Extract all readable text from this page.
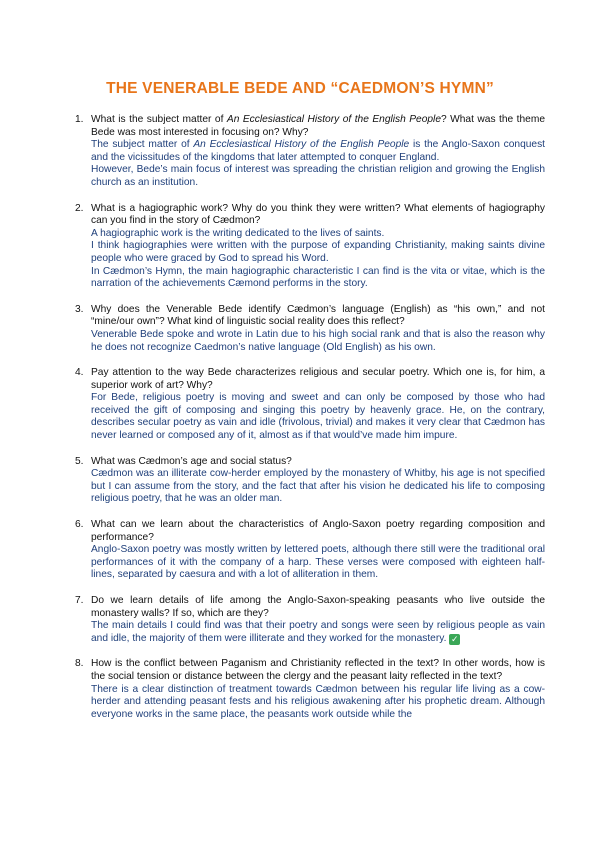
THE VENERABLE BEDE AND “CAEDMON’S HYMN”
1. What is the subject matter of An Ecclesiastical History of the English People? What was the theme Bede was most interested in focusing on? Why?
The subject matter of An Ecclesiastical History of the English People is the Anglo-Saxon conquest and the vicissitudes of the kingdoms that later attempted to conquer England.
However, Bede’s main focus of interest was spreading the christian religion and growing the English church as an institution.
2. What is a hagiographic work? Why do you think they were written? What elements of hagiography can you find in the story of Cædmon?
A hagiographic work is the writing dedicated to the lives of saints.
I think hagiographies were written with the purpose of expanding Christianity, making saints divine people who were graced by God to spread his Word.
In Cædmon’s Hymn, the main hagiographic characteristic I can find is the vita or vitae, which is the narration of the achievements Cæmond performs in the story.
3. Why does the Venerable Bede identify Cædmon’s language (English) as “his own,” and not “mine/our own”? What kind of linguistic social reality does this reflect?
Venerable Bede spoke and wrote in Latin due to his high social rank and that is also the reason why he does not recognize Caedmon’s native language (Old English) as his own.
4. Pay attention to the way Bede characterizes religious and secular poetry. Which one is, for him, a superior work of art? Why?
For Bede, religious poetry is moving and sweet and can only be composed by those who had received the gift of composing and singing this poetry by heavenly grace. He, on the contrary, describes secular poetry as vain and idle (frivolous, trivial) and makes it very clear that Cædmon has never learned or composed any of it, almost as if that would’ve made him impure.
5. What was Cædmon’s age and social status?
Cædmon was an illiterate cow-herder employed by the monastery of Whitby, his age is not specified but I can assume from the story, and the fact that after his vision he dedicated his life to composing religious poetry, that he was an older man.
6. What can we learn about the characteristics of Anglo-Saxon poetry regarding composition and performance?
Anglo-Saxon poetry was mostly written by lettered poets, although there still were the traditional oral performances of it with the company of a harp. These verses were composed with eighteen half-lines, separated by caesura and with a lot of alliteration in them.
7. Do we learn details of life among the Anglo-Saxon-speaking peasants who live outside the monastery walls? If so, which are they?
The main details I could find was that their poetry and songs were seen by religious people as vain and idle, the majority of them were illiterate and they worked for the monastery. ✓
8. How is the conflict between Paganism and Christianity reflected in the text? In other words, how is the social tension or distance between the clergy and the peasant laity reflected in the text?
There is a clear distinction of treatment towards Cædmon between his regular life living as a cow-herder and attending peasant fests and his religious awakening after his prophetic dream. Although everyone works in the same place, the peasants work outside while the
